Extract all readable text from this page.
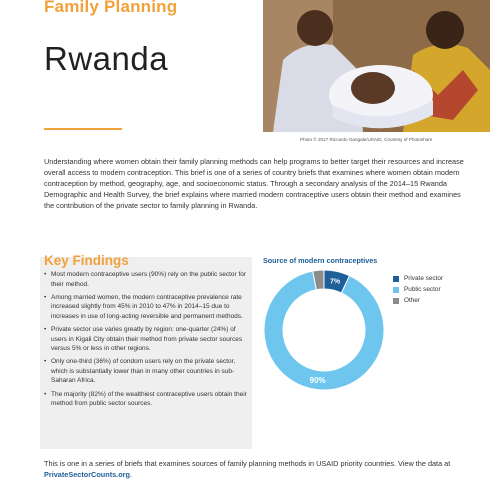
Family Planning
Rwanda
Photo © 2017 Riccardo Gangale/USAID, Courtesy of Photoshare

Understanding where women obtain their family planning methods can help programs to better target their resources and increase overall access to modern contraception. This brief is one of a series of country briefs that examines where women obtain modern contraception by method, geography, age, and socioeconomic status. Through a secondary analysis of the 2014–15 Rwanda Demographic and Health Survey, the brief explains where married modern contraceptive users obtain their method and examines the contribution of the private sector to family planning in Rwanda.

Key Findings
• Most modern contraceptive users (90%) rely on the public sector for their method.
• Among married women, the modern contraceptive prevalence rate increased slightly from 45% in 2010 to 47% in 2014–15 due to increases in use of long-acting reversible and permanent methods.
• Private sector use varies greatly by region: one-quarter (24%) of users in Kigali City obtain their method from private sector sources versus 5% or less in other regions.
• Only one-third (36%) of condom users rely on the private sector, which is substantially lower than in many other countries in sub-Saharan Africa.
• The majority (82%) of the wealthiest contraceptive users obtain their method from public sector sources.
Source of modern contraceptives
7%
90%
Private sector
Public sector
Other

This is one in a series of briefs that examines sources of family planning methods in USAID priority countries. View the data at PrivateSectorCounts.org.
